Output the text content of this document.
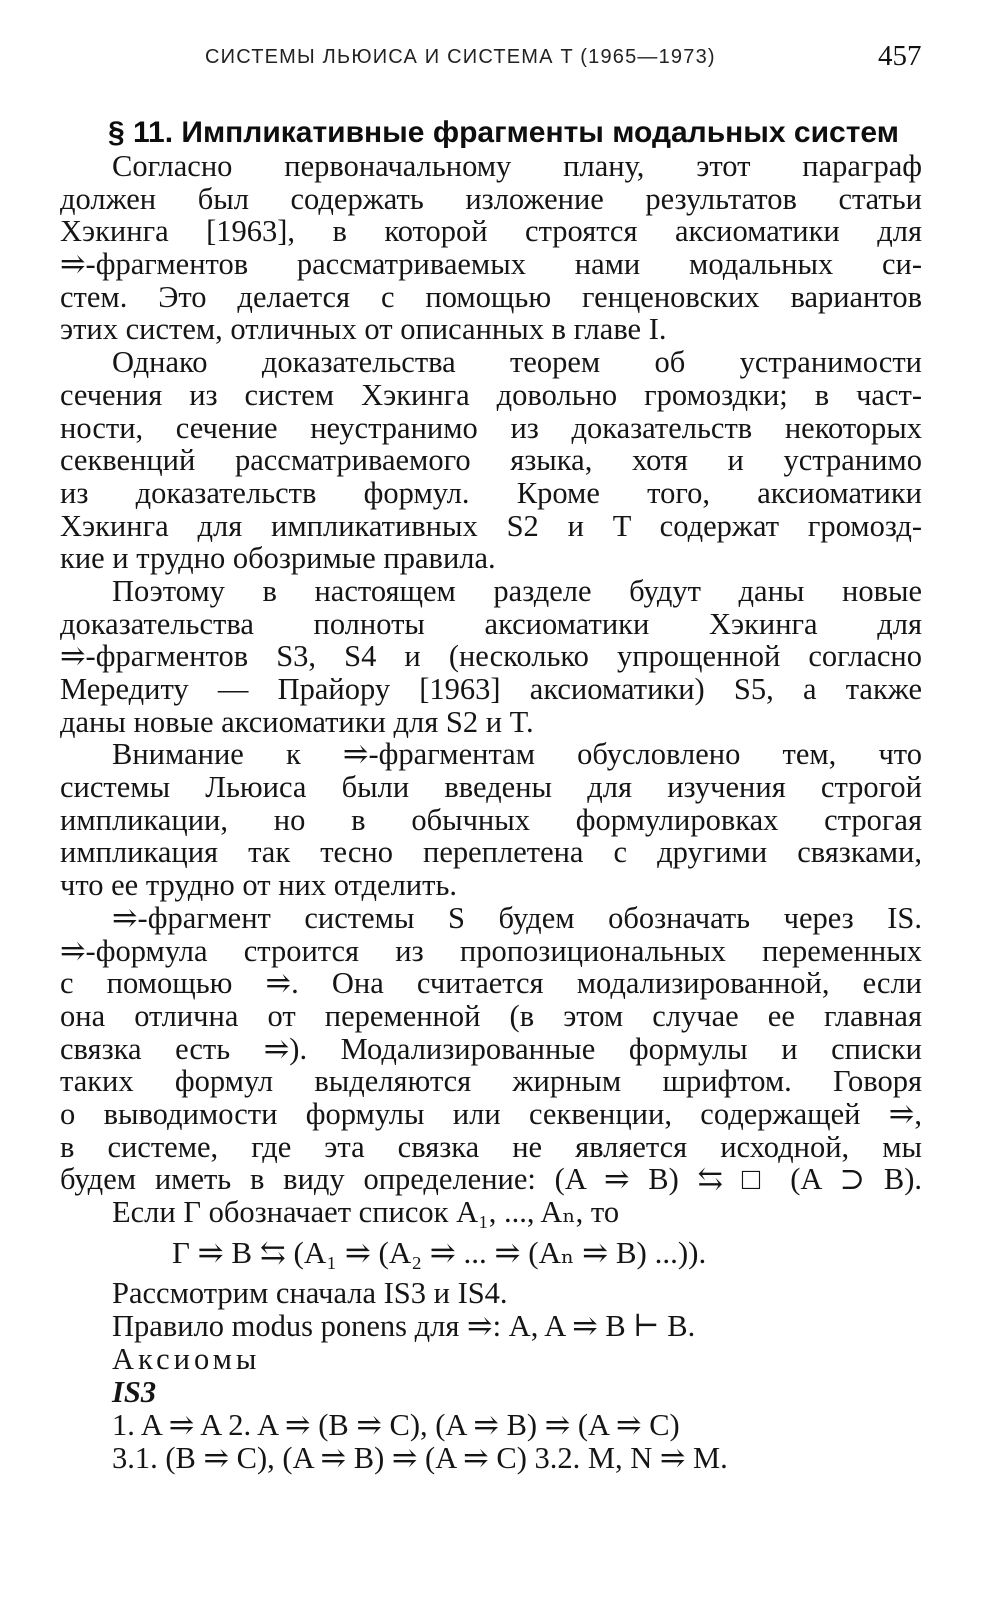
СИСТЕМЫ ЛЬЮИСА И СИСТЕМА T (1965—1973)	457
§ 11. Импликативные фрагменты модальных систем
Согласно первоначальному плану, этот параграф
должен был содержать изложение результатов статьи
Хэкинга [1963], в которой строятся аксиоматики для
⥤-фрагментов рассматриваемых нами модальных си-
стем. Это делается с помощью генценовских вариантов
этих систем, отличных от описанных в главе I.
Однако доказательства теорем об устранимости
сечения из систем Хэкинга довольно громоздки; в част-
ности, сечение неустранимо из доказательств некоторых
секвенций рассматриваемого языка, хотя и устранимо
из доказательств формул. Кроме того, аксиоматики
Хэкинга для импликативных S2 и T содержат громозд-
кие и трудно обозримые правила.
Поэтому в настоящем разделе будут даны новые
доказательства полноты аксиоматики Хэкинга для
⥤-фрагментов S3, S4 и (несколько упрощенной согласно
Мередиту — Прайору [1963] аксиоматики) S5, а также
даны новые аксиоматики для S2 и T.
Внимание к ⥤-фрагментам обусловлено тем, что
системы Льюиса были введены для изучения строгой
импликации, но в обычных формулировках строгая
импликация так тесно переплетена с другими связками,
что ее трудно от них отделить.
⥤-фрагмент системы S будем обозначать через IS.
⥤-формула строится из пропозициональных переменных
с помощью ⥤. Она считается модализированной, если
она отлична от переменной (в этом случае ее главная
связка есть ⥤). Модализированные формулы и списки
таких формул выделяются жирным шрифтом. Говоря
о выводимости формулы или секвенции, содержащей ⥤,
в системе, где эта связка не является исходной, мы
будем иметь в виду определение: (A ⥤ B) ⇆ □ (A ⊃ B).
Если Г обозначает список A₁, ..., Aₙ, то
Г ⥤ B ⇆ (A₁ ⥤ (A₂ ⥤ ... ⥤ (Aₙ ⥤ B) ...)).
Рассмотрим сначала IS3 и IS4.
Правило modus ponens для ⥤: A, A ⥤ B ⊢ B.
Аксиомы
IS3
1. A ⥤ A 2. A ⥤ (B ⥤ C), (A ⥤ B) ⥤ (A ⥤ C)
3.1. (B ⥤ C), (A ⥤ B) ⥤ (A ⥤ C) 3.2. M, N ⥤ M.
